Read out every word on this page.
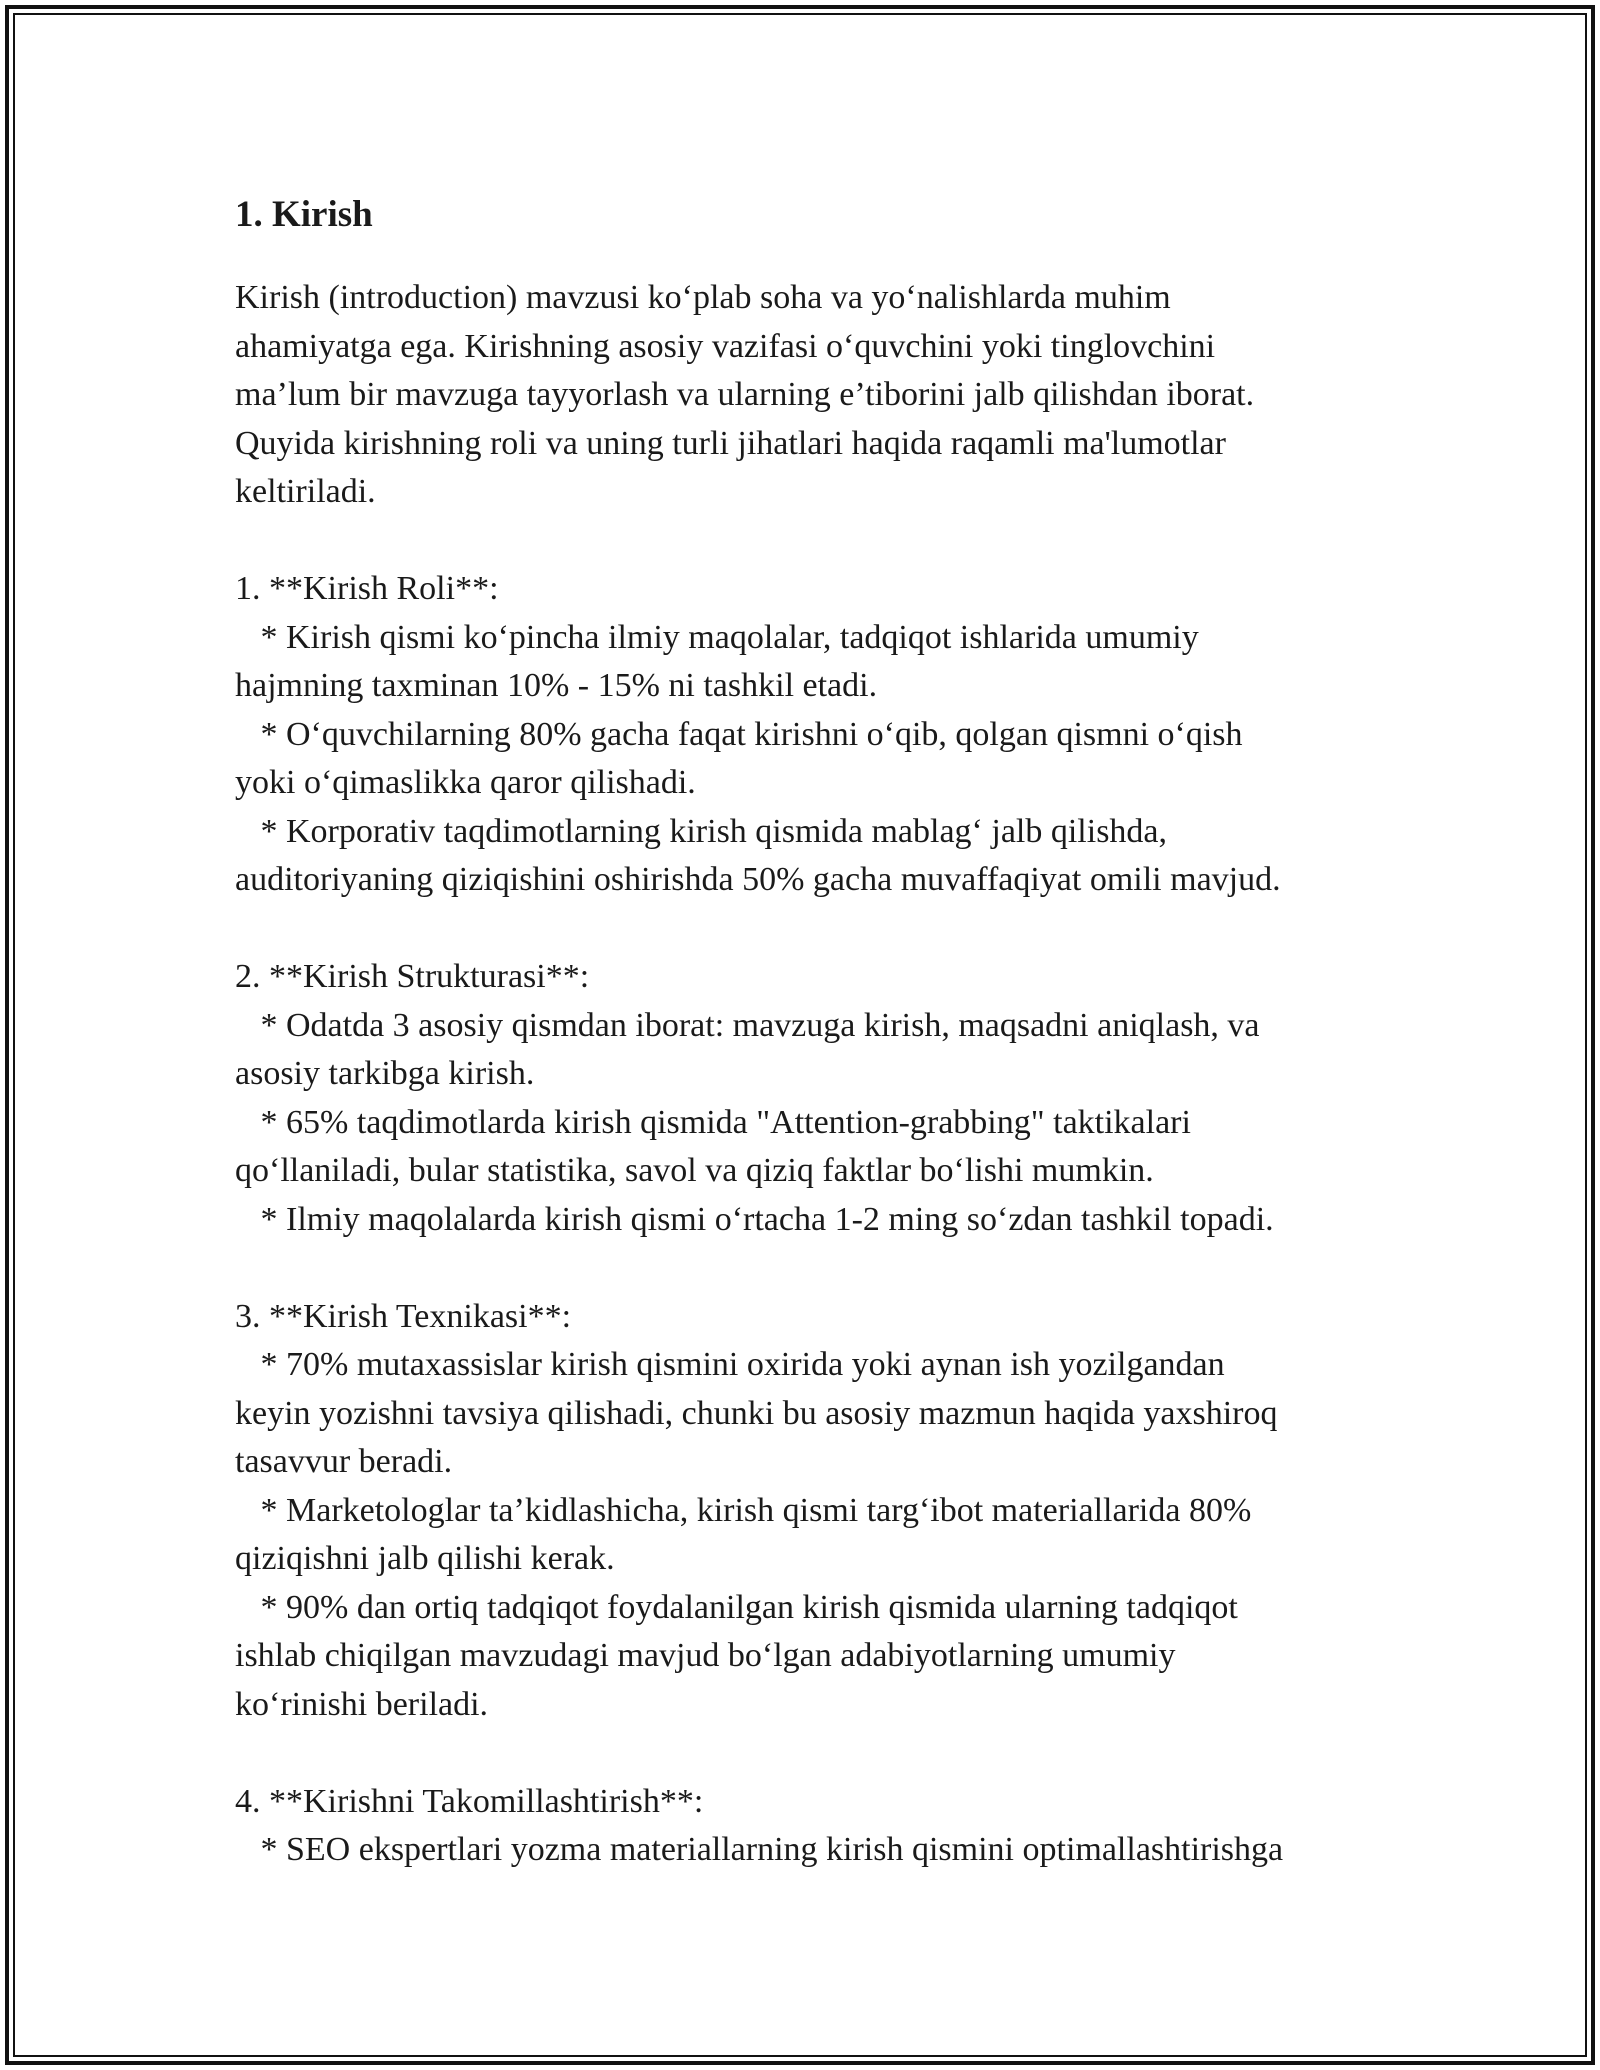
1. Kirish
Kirish (introduction) mavzusi ko‘plab soha va yo‘nalishlarda muhim
ahamiyatga ega. Kirishning asosiy vazifasi o‘quvchini yoki tinglovchini
ma’lum bir mavzuga tayyorlash va ularning e’tiborini jalb qilishdan iborat.
Quyida kirishning roli va uning turli jihatlari haqida raqamli ma'lumotlar
keltiriladi.
1. **Kirish Roli**:
* Kirish qismi ko‘pincha ilmiy maqolalar, tadqiqot ishlarida umumiy
hajmning taxminan 10% - 15% ni tashkil etadi.
* O‘quvchilarning 80% gacha faqat kirishni o‘qib, qolgan qismni o‘qish
yoki o‘qimaslikka qaror qilishadi.
* Korporativ taqdimotlarning kirish qismida mablag‘ jalb qilishda,
auditoriyaning qiziqishini oshirishda 50% gacha muvaffaqiyat omili mavjud.
2. **Kirish Strukturasi**:
* Odatda 3 asosiy qismdan iborat: mavzuga kirish, maqsadni aniqlash, va
asosiy tarkibga kirish.
* 65% taqdimotlarda kirish qismida "Attention-grabbing" taktikalari
qo‘llaniladi, bular statistika, savol va qiziq faktlar bo‘lishi mumkin.
* Ilmiy maqolalarda kirish qismi o‘rtacha 1-2 ming so‘zdan tashkil topadi.
3. **Kirish Texnikasi**:
* 70% mutaxassislar kirish qismini oxirida yoki aynan ish yozilgandan
keyin yozishni tavsiya qilishadi, chunki bu asosiy mazmun haqida yaxshiroq
tasavvur beradi.
* Marketologlar ta’kidlashicha, kirish qismi targ‘ibot materiallarida 80%
qiziqishni jalb qilishi kerak.
* 90% dan ortiq tadqiqot foydalanilgan kirish qismida ularning tadqiqot
ishlab chiqilgan mavzudagi mavjud bo‘lgan adabiyotlarning umumiy
ko‘rinishi beriladi.
4. **Kirishni Takomillashtirish**:
* SEO ekspertlari yozma materiallarning kirish qismini optimallashtirishga
